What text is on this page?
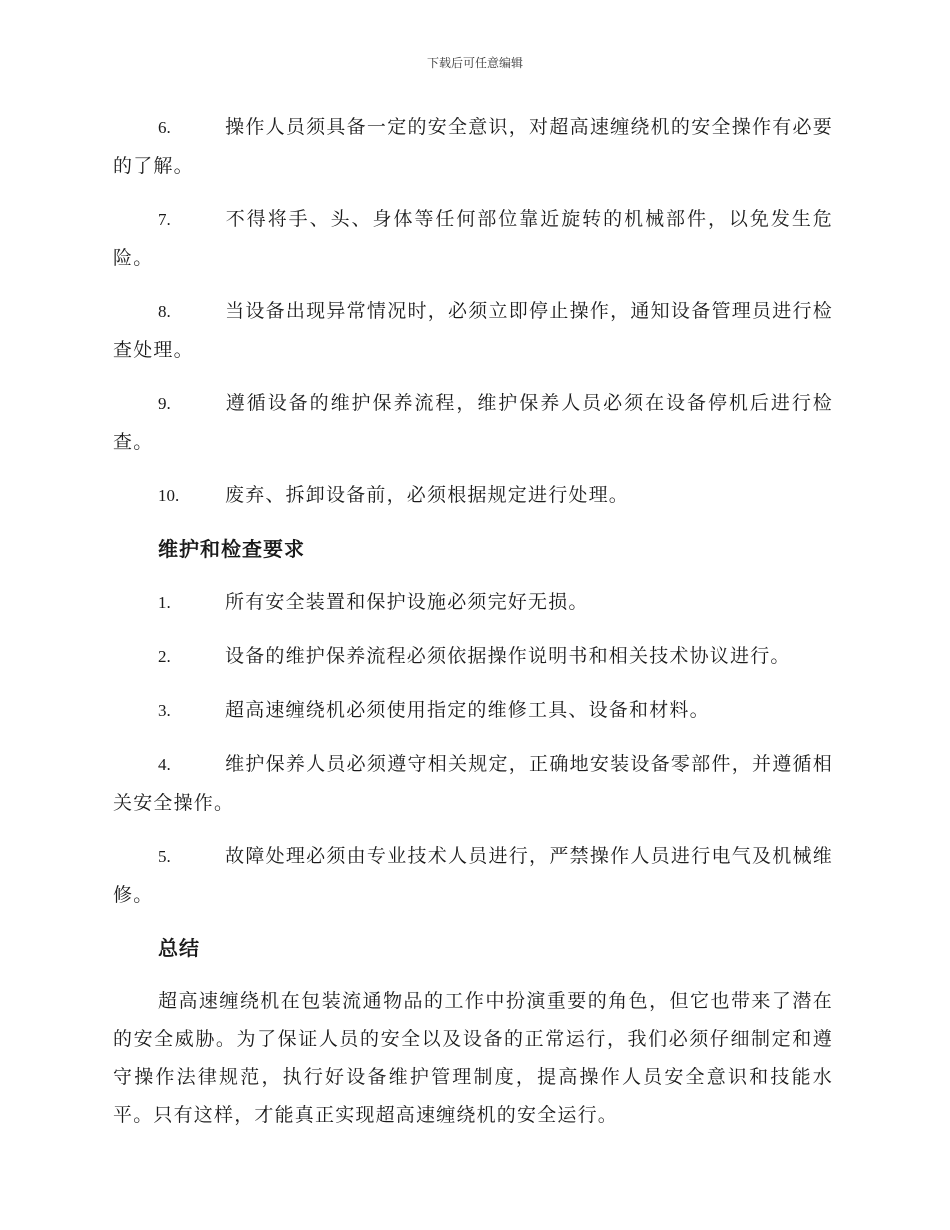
下载后可任意编辑
6.	操作人员须具备一定的安全意识，对超高速缠绕机的安全操作有必要的了解。
7.	不得将手、头、身体等任何部位靠近旋转的机械部件，以免发生危险。
8.	当设备出现异常情况时，必须立即停止操作，通知设备管理员进行检查处理。
9.	遵循设备的维护保养流程，维护保养人员必须在设备停机后进行检查。
10. 废弃、拆卸设备前，必须根据规定进行处理。
维护和检查要求
1.	所有安全装置和保护设施必须完好无损。
2.	设备的维护保养流程必须依据操作说明书和相关技术协议进行。
3.	超高速缠绕机必须使用指定的维修工具、设备和材料。
4.	维护保养人员必须遵守相关规定，正确地安装设备零部件，并遵循相关安全操作。
5.	故障处理必须由专业技术人员进行，严禁操作人员进行电气及机械维修。
总结
超高速缠绕机在包装流通物品的工作中扮演重要的角色，但它也带来了潜在的安全威胁。为了保证人员的安全以及设备的正常运行，我们必须仔细制定和遵守操作法律规范，执行好设备维护管理制度，提高操作人员安全意识和技能水平。只有这样，才能真正实现超高速缠绕机的安全运行。
